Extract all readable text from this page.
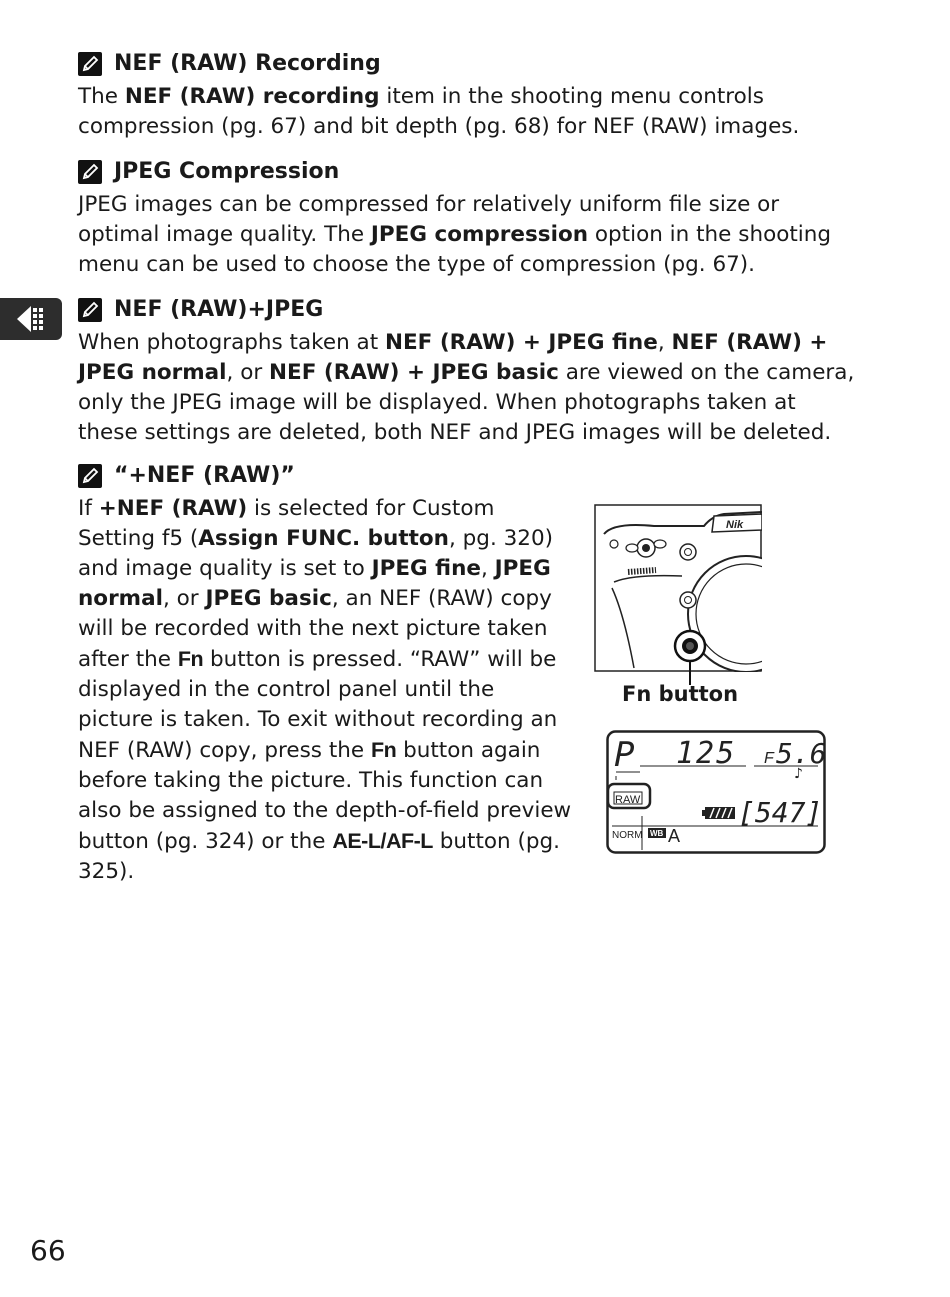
NEF (RAW) Recording
The NEF (RAW) recording item in the shooting menu controls compression (pg. 67) and bit depth (pg. 68) for NEF (RAW) images.
JPEG Compression
JPEG images can be compressed for relatively uniform file size or optimal image quality. The JPEG compression option in the shooting menu can be used to choose the type of compression (pg. 67).
NEF (RAW)+JPEG
When photographs taken at NEF (RAW) + JPEG fine, NEF (RAW) + JPEG normal, or NEF (RAW) + JPEG basic are viewed on the camera, only the JPEG image will be displayed. When photographs taken at these settings are deleted, both NEF and JPEG images will be deleted.
“+NEF (RAW)”
If +NEF (RAW) is selected for Custom Setting f5 (Assign FUNC. button, pg. 320) and image quality is set to JPEG fine, JPEG normal, or JPEG basic, an NEF (RAW) copy will be recorded with the next picture taken after the Fn button is pressed. “RAW” will be displayed in the control panel until the picture is taken. To exit without recording an NEF (RAW) copy, press the Fn button again before taking the picture. This function can also be assigned to the depth-of-field preview button (pg. 324) or the AE-L/AF-L button (pg. 325).
Nik
Fn button
P 125 F 5.6
♪
RAW	[547]
NORM WB A
66
